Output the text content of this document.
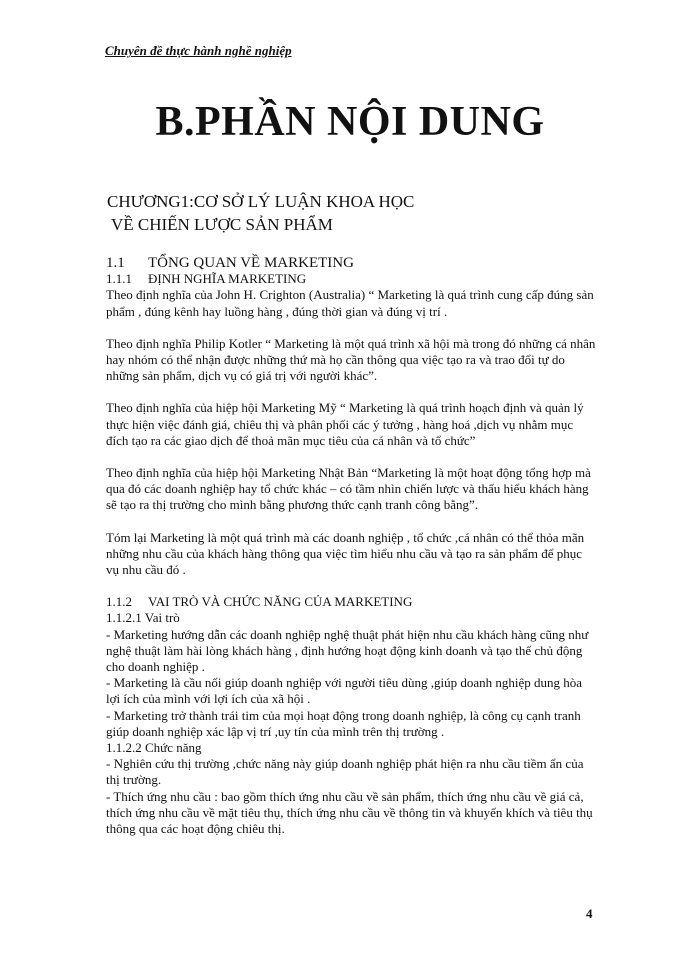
Chuyên đề thực hành nghề nghiệp
B.PHẦN NỘI DUNG
CHƯƠNG1:CƠ SỞ LÝ LUẬN KHOA HỌC
VỀ CHIẾN LƯỢC SẢN PHẨM
1.1 TỔNG QUAN VỀ MARKETING
1.1.1 ĐỊNH NGHĨA MARKETING

Theo định nghĩa của John H. Crighton (Australia) “ Marketing là quá trình cung cấp đúng sản phẩm , đúng kênh hay luồng hàng , đúng thời gian và đúng vị trí .

Theo định nghĩa Philip Kotler “ Marketing là một quá trình xã hội mà trong đó những cá nhân hay nhóm có thể nhận được những thứ mà họ cần thông qua việc tạo ra và trao đổi tự do những sản phẩm, dịch vụ có giá trị với người khác”.

Theo định nghĩa của hiệp hội Marketing Mỹ “ Marketing là quá trình hoạch định và quản lý thực hiện việc đánh giá, chiêu thị và phân phối các ý tưởng , hàng hoá ,dịch vụ nhằm mục đích tạo ra các giao dịch để thoả mãn mục tiêu của cá nhân và tổ chức”

Theo định nghĩa của hiệp hội Marketing Nhật Bản “Marketing là một hoạt động tổng hợp mà qua đó các doanh nghiệp hay tổ chức khác – có tầm nhìn chiến lược và thấu hiểu khách hàng sẽ tạo ra thị trường cho mình bằng phương thức cạnh tranh công bằng”.

Tóm lại Marketing là một quá trình mà các doanh nghiệp , tổ chức ,cá nhân có thể thỏa mãn những nhu cầu của khách hàng thông qua việc tìm hiểu nhu cầu và tạo ra sản phẩm để phục vụ nhu cầu đó .

1.1.2 VAI TRÒ VÀ CHỨC NĂNG CỦA MARKETING
1.1.2.1 Vai trò

- Marketing hướng dẫn các doanh nghiệp nghệ thuật phát hiện nhu cầu khách hàng cũng như nghệ thuật làm hài lòng khách hàng , định hướng hoạt động kinh doanh và tạo thế chủ động cho doanh nghiệp .

- Marketing là cầu nối giúp doanh nghiệp với người tiêu dùng ,giúp doanh nghiệp dung hòa lợi ích của mình với lợi ích của xã hội .

- Marketing trở thành trái tim của mọi hoạt động trong doanh nghiệp, là công cụ cạnh tranh giúp doanh nghiệp xác lập vị trí ,uy tín của mình trên thị trường .

1.1.2.2 Chức năng

- Nghiên cứu thị trường ,chức năng này giúp doanh nghiệp phát hiện ra nhu cầu tiềm ẩn của thị trường.

- Thích ứng nhu cầu : bao gồm thích ứng nhu cầu về sản phẩm, thích ứng nhu cầu về giá cả, thích ứng nhu cầu về mặt tiêu thụ, thích ứng nhu cầu về thông tin và khuyến khích và tiêu thụ thông qua các hoạt động chiêu thị.

4
